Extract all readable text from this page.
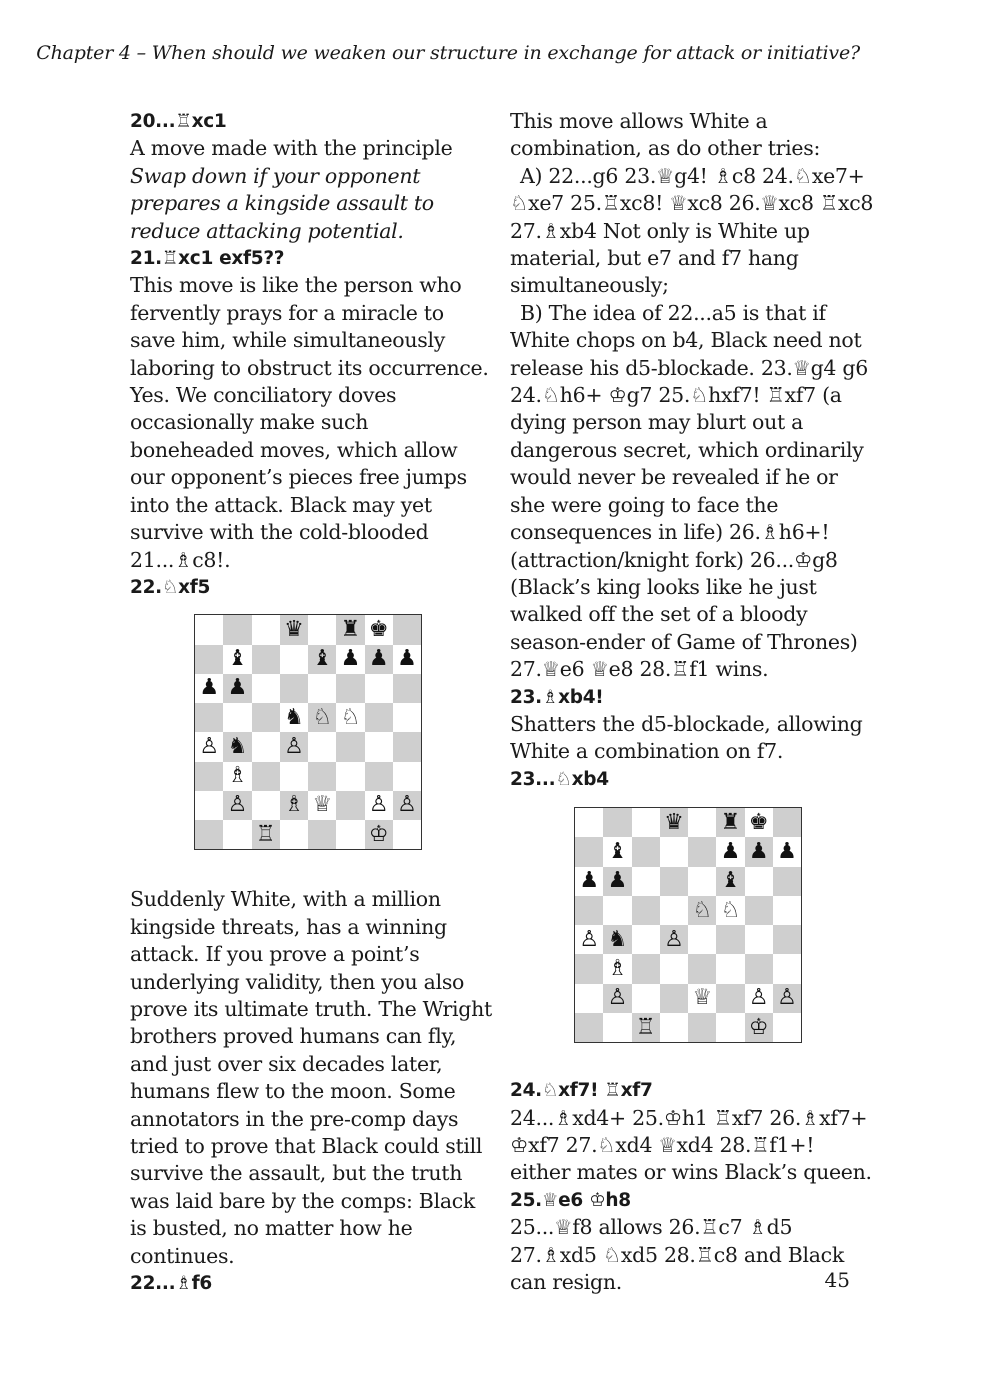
Chapter 4 – When should we weaken our structure in exchange for attack or initiative?
20...♖xc1
A move made with the principle
Swap down if your opponent prepares a kingside assault to reduce attacking potential.
21.♖xc1 exf5??
This move is like the person who fervently prays for a miracle to save him, while simultaneously laboring to obstruct its occurrence. Yes. We conciliatory doves occasionally make such boneheaded moves, which allow our opponent’s pieces free jumps into the attack. Black may yet survive with the cold-blooded 21...♗c8!.
22.♘xf5
♛ ♜ ♚
♝	♝ ♟ ♟ ♟
♟ ♟
♞ ♘ ♘
♙ ♞ ♙
♗
♙ ♗ ♕ ♙ ♙
♖	♔
Suddenly White, with a million kingside threats, has a winning attack. If you prove a point’s underlying validity, then you also prove its ultimate truth. The Wright brothers proved humans can fly, and just over six decades later, humans flew to the moon. Some annotators in the pre-comp days tried to prove that Black could still survive the assault, but the truth was laid bare by the comps: Black is busted, no matter how he continues.
22...♗f6
This move allows White a combination, as do other tries:
A) 22...g6 23.♕g4! ♗c8 24.♘xe7+ ♘xe7 25.♖xc8! ♕xc8 26.♕xc8 ♖xc8 27.♗xb4 Not only is White up material, but e7 and f7 hang simultaneously;
B) The idea of 22...a5 is that if White chops on b4, Black need not release his d5-blockade. 23.♕g4 g6 24.♘h6+ ♔g7 25.♘hxf7! ♖xf7 (a dying person may blurt out a dangerous secret, which ordinarily would never be revealed if he or she were going to face the consequences in life) 26.♗h6+! (attraction/knight fork) 26...♔g8 (Black’s king looks like he just walked off the set of a bloody season-ender of Game of Thrones) 27.♕e6 ♕e8 28.♖f1 wins.
23.♗xb4!
Shatters the d5-blockade, allowing White a combination on f7.
23...♘xb4
♛ ♜ ♚
♝	♟ ♟ ♟
♟ ♟	♝
♘ ♘
♙ ♞ ♙
♗
♙	♕ ♙ ♙
♖	♔
24.♘xf7! ♖xf7
24...♗xd4+ 25.♔h1 ♖xf7 26.♗xf7+ ♔xf7 27.♘xd4 ♕xd4 28.♖f1+! either mates or wins Black’s queen.
25.♕e6 ♔h8
25...♕f8 allows 26.♖c7 ♗d5 27.♗xd5 ♘xd5 28.♖c8 and Black can resign.	45
